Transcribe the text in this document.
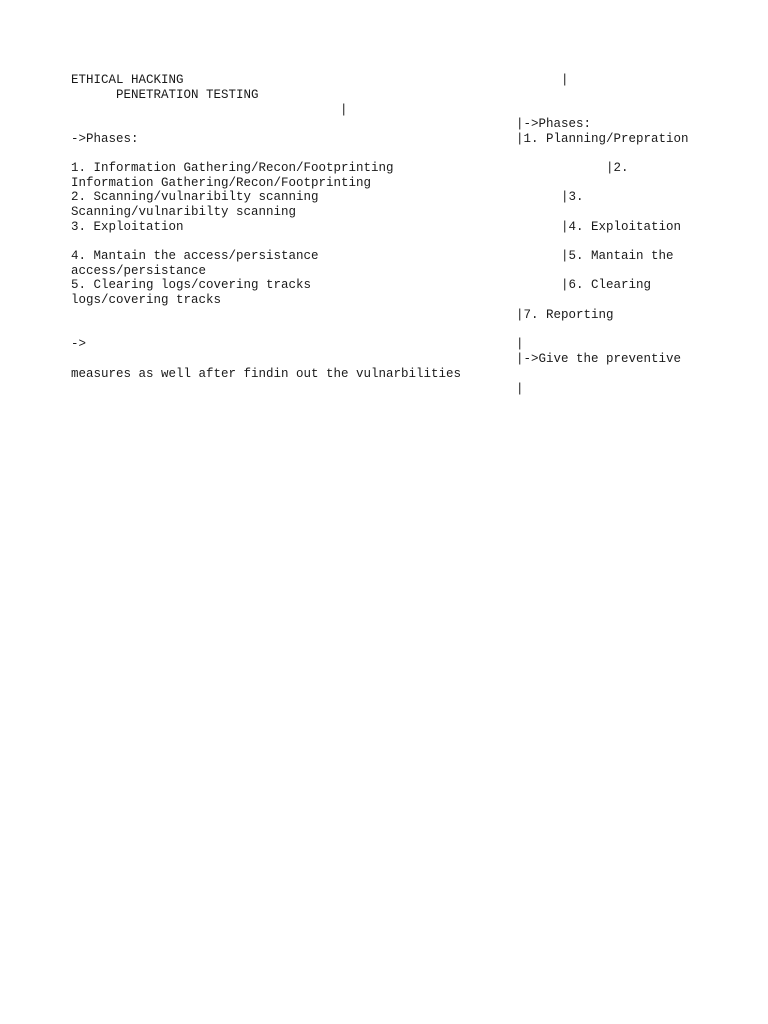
ETHICAL HACKING
PENETRATION TESTING
|
->Phases:
1. Information Gathering/Recon/Footprinting
Information Gathering/Recon/Footprinting
2. Scanning/vulnaribilty scanning
Scanning/vulnaribilty scanning
3. Exploitation
4. Mantain the access/persistance
access/persistance
5. Clearing logs/covering tracks
logs/covering tracks
->
measures as well after findin out the vulnarbilities
|
|->Phases:
|1. Planning/Prepration
|2.
|3.
|4. Exploitation
|5. Mantain the
|6. Clearing
|7. Reporting
|
|->Give the preventive
|
